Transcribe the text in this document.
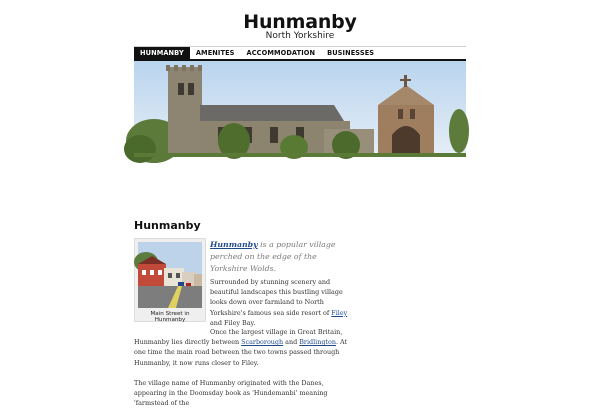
Hunmanby
North Yorkshire
HUNMANBY	AMENITES	ACCOMMODATION	BUSINESSES
Hunmanby
Main Street in Hunmanby
Hunmanby is a popular village perched on the edge of the Yorkshire Wolds.
Surrounded by stunning scenery and beautiful landscapes this bustling village looks down over farmland to North Yorkshire's famous sea side resort of Filey and Filey Bay.
Once the largest village in Great Britain, Hunmanby lies directly between Scarborough and Bridlington. At one time the main road between the two towns passed through Hunmanby, it now runs closer to Filey.
The village name of Hunmanby originated with the Danes, appearing in the Doomsday book as 'Hundemanbi' meaning 'farmstead of the
